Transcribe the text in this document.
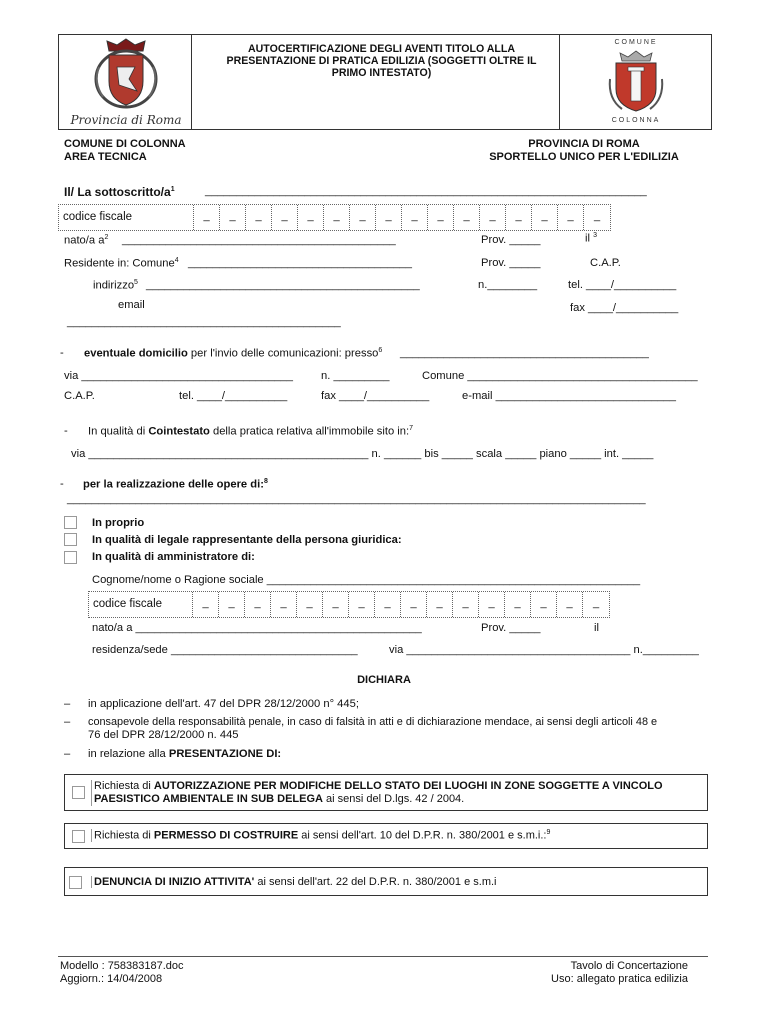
Provincia di Roma
AUTOCERTIFICAZIONE DEGLI AVENTI TITOLO ALLA PRESENTAZIONE DI PRATICA EDILIZIA (SOGGETTI OLTRE IL PRIMO INTESTATO)
COMUNE
COLONNA
COMUNE DI COLONNA
AREA TECNICA
PROVINCIA DI ROMA
SPORTELLO UNICO PER L'EDILIZIA
Il/ La sottoscritto/$a^1$	_______________________________________________________________________
codice fiscale	_	_	_	_	_	_	_	_	_	_	_	_	_	_	_	_
nato/a $a^2$ ____________________________________________	Prov. _____	il $^3$
Residente in: Comune$^4$ ____________________________________	Prov. _____	C.A.P.
indirizzo$^5$ ____________________________________________	n.________	tel. ____/__________
email	fax ____/__________
____________________________________________
- eventuale domicilio per l'invio delle comunicazioni: presso$^6$ ________________________________________
via __________________________________	n. _________	Comune _____________________________________
C.A.P.	tel. ____/__________	fax ____/__________	e-mail _____________________________
- In qualità di Cointestato della pratica relativa all'immobile sito in:$^7$
via _____________________________________________ n. ______ bis _____ scala _____ piano _____ int. _____
- per la realizzazione delle opere di:$^8$
_____________________________________________________________________________________________
In proprio
In qualità di legale rappresentante della persona giuridica:
In qualità di amministratore di:
Cognome/nome o Ragione sociale ____________________________________________________________
codice fiscale	_	_	_	_	_	_	_	_	_	_	_	_	_	_	_	_
nato/a a ______________________________________________	Prov. _____	il
residenza/sede ______________________________	via ____________________________________ n._________
DICHIARA
– in applicazione dell'art. 47 del DPR 28/12/2000 n° 445;
– consapevole della responsabilità penale, in caso di falsità in atti e di dichiarazione mendace, ai sensi degli articoli 48 e
76 del DPR 28/12/2000 n. 445
– in relazione alla PRESENTAZIONE DI:
Richiesta di AUTORIZZAZIONE PER MODIFICHE DELLO STATO DEI LUOGHI IN ZONE SOGGETTE A VINCOLO
PAESISTICO AMBIENTALE IN SUB DELEGA ai sensi del D.lgs. 42 / 2004.
Richiesta di PERMESSO DI COSTRUIRE ai sensi dell'art. 10 del D.P.R. n. 380/2001 e s.m.i.:$^9$
DENUNCIA DI INIZIO ATTIVITA' ai sensi dell'art. 22 del D.P.R. n. 380/2001 e s.m.i
Modello : 758383187.doc
Aggiorn.: 14/04/2008
Tavolo di Concertazione
Uso: allegato pratica edilizia
